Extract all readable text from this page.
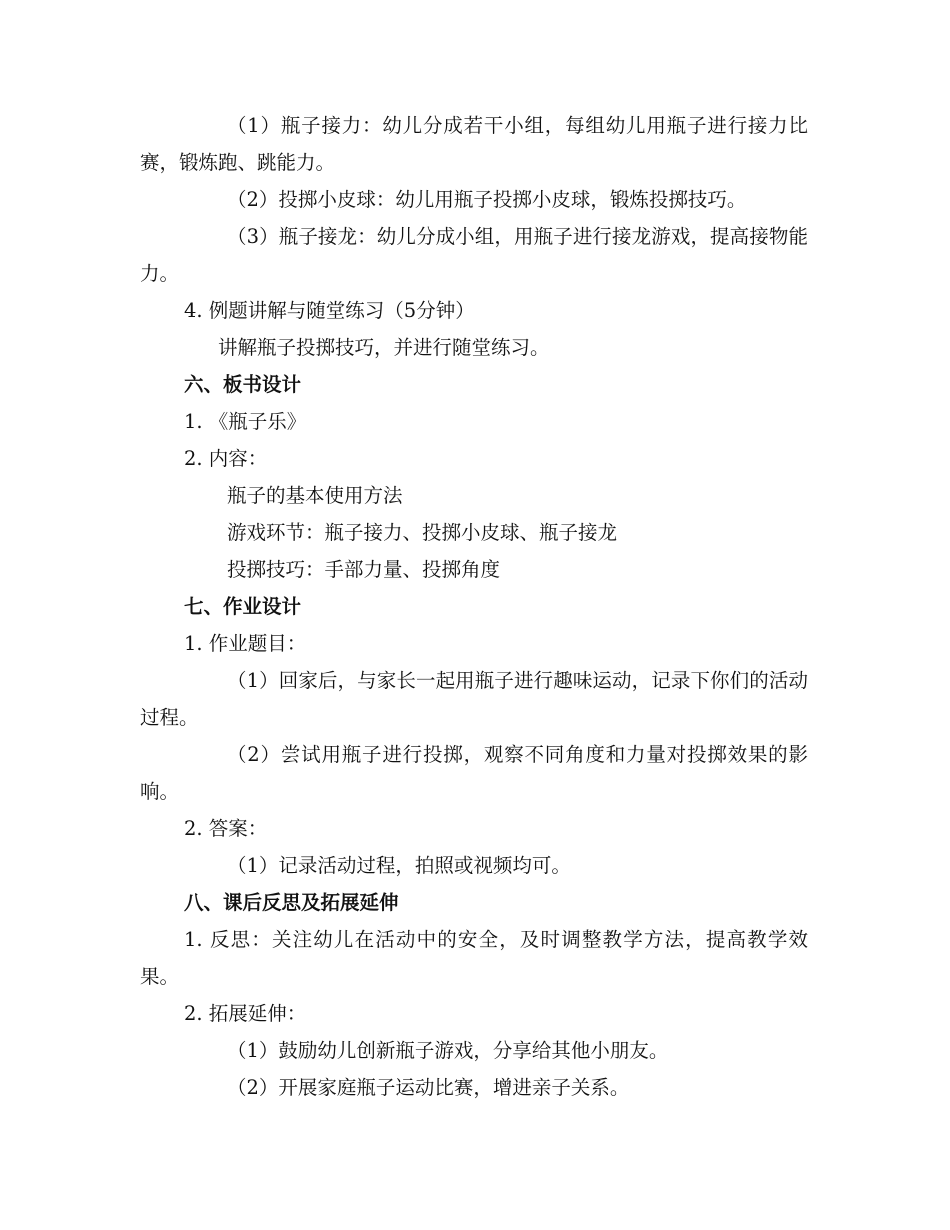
（1）瓶子接力：幼儿分成若干小组，每组幼儿用瓶子进行接力比赛，锻炼跑、跳能力。

（2）投掷小皮球：幼儿用瓶子投掷小皮球，锻炼投掷技巧。

（3）瓶子接龙：幼儿分成小组，用瓶子进行接龙游戏，提高接物能力。

4. 例题讲解与随堂练习（5分钟）

讲解瓶子投掷技巧，并进行随堂练习。

六、板书设计

1. 《瓶子乐》

2. 内容：

瓶子的基本使用方法

游戏环节：瓶子接力、投掷小皮球、瓶子接龙

投掷技巧：手部力量、投掷角度

七、作业设计

1. 作业题目：

（1）回家后，与家长一起用瓶子进行趣味运动，记录下你们的活动过程。

（2）尝试用瓶子进行投掷，观察不同角度和力量对投掷效果的影响。

2. 答案：

（1）记录活动过程，拍照或视频均可。

八、课后反思及拓展延伸

1. 反思：关注幼儿在活动中的安全，及时调整教学方法，提高教学效果。

2. 拓展延伸：

（1）鼓励幼儿创新瓶子游戏，分享给其他小朋友。

（2）开展家庭瓶子运动比赛，增进亲子关系。
